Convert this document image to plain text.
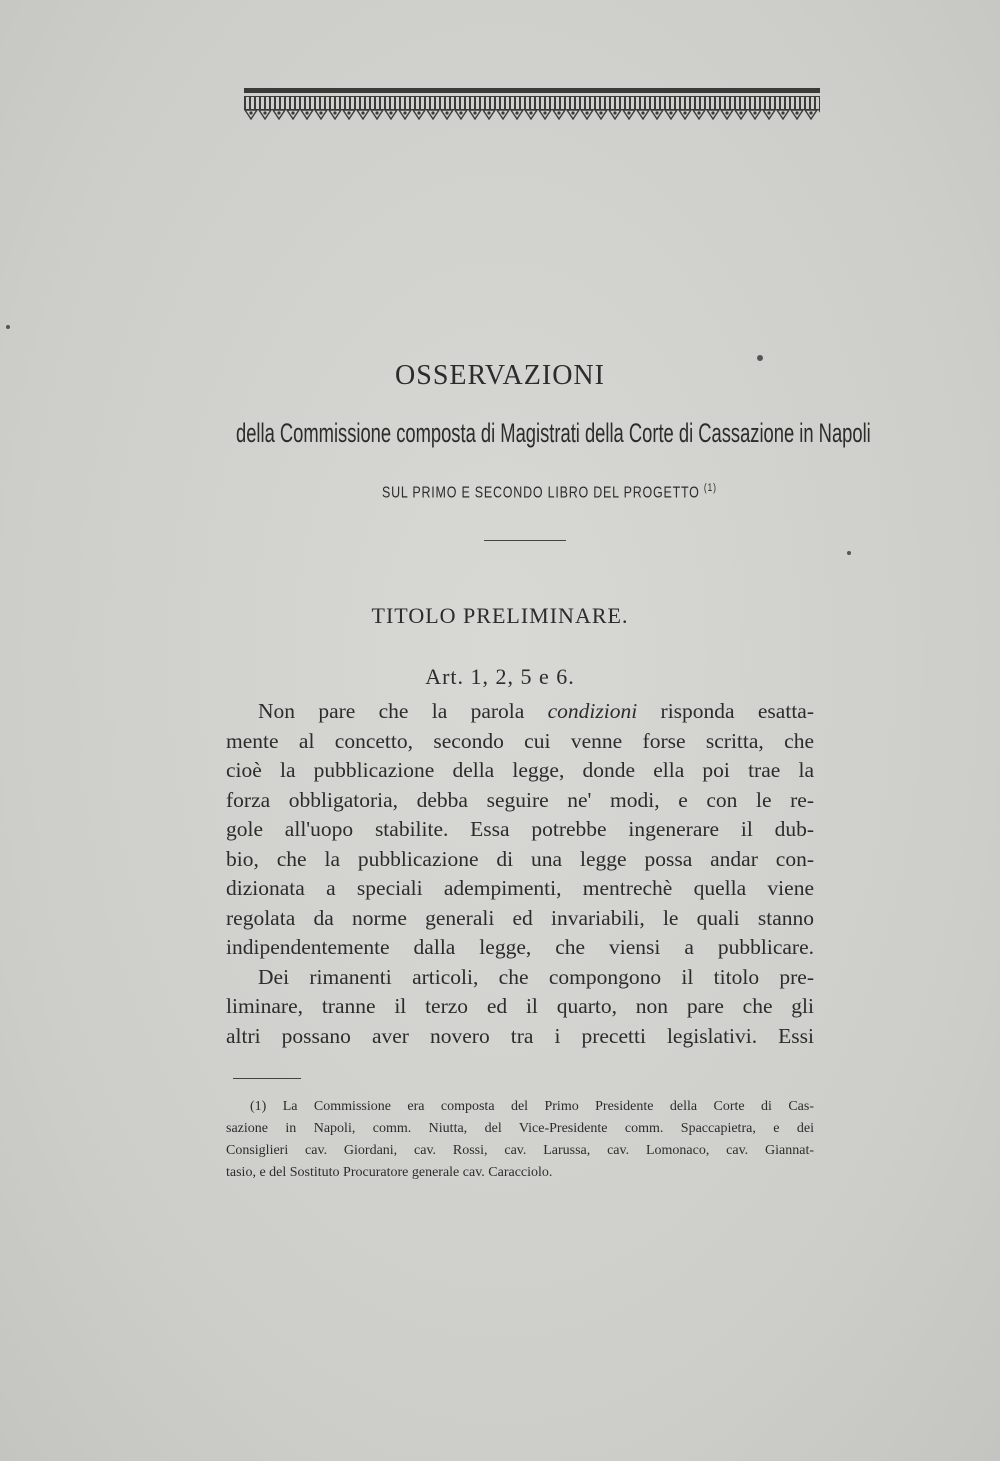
OSSERVAZIONI
della Commissione composta di Magistrati della Corte di Cassazione in Napoli
SUL PRIMO E SECONDO LIBRO DEL PROGETTO $^{(1)}$
TITOLO PRELIMINARE.
Art. 1, 2, 5 e 6.
Non pare che la parola condizioni risponda esatta-
mente al concetto, secondo cui venne forse scritta, che
cioè la pubblicazione della legge, donde ella poi trae la
forza obbligatoria, debba seguire ne' modi, e con le re-
gole all'uopo stabilite. Essa potrebbe ingenerare il dub-
bio, che la pubblicazione di una legge possa andar con-
dizionata a speciali adempimenti, mentrechè quella viene
regolata da norme generali ed invariabili, le quali stanno
indipendentemente dalla legge, che viensi a pubblicare.
Dei rimanenti articoli, che compongono il titolo pre-
liminare, tranne il terzo ed il quarto, non pare che gli
altri possano aver novero tra i precetti legislativi. Essi
(1) La Commissione era composta del Primo Presidente della Corte di Cas-
sazione in Napoli, comm. Niutta, del Vice-Presidente comm. Spaccapietra, e dei
Consiglieri cav. Giordani, cav. Rossi, cav. Larussa, cav. Lomonaco, cav. Giannat-
tasio, e del Sostituto Procuratore generale cav. Caracciolo.
